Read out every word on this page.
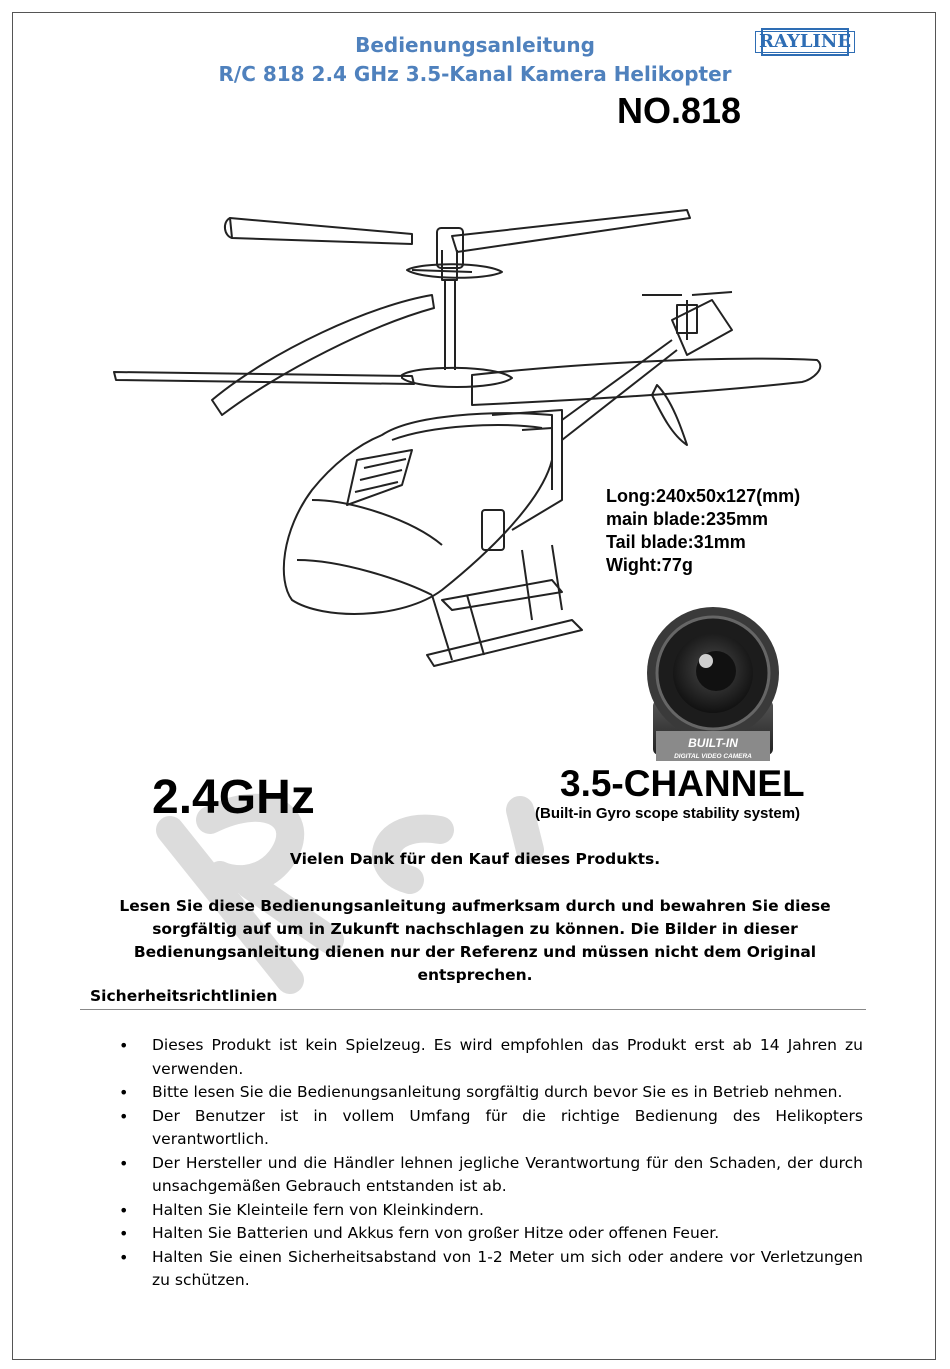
Bedienungsanleitung
R/C 818 2.4 GHz 3.5-Kanal Kamera Helikopter
RAYLINE
NO.818
Long:240x50x127(mm)
main blade:235mm
Tail blade:31mm
Wight:77g
BUILT-IN
DIGITAL VIDEO CAMERA
2.4GHz	3.5-CHANNEL
(Built-in Gyro scope stability system)
Vielen Dank für den Kauf dieses Produkts.
Lesen Sie diese Bedienungsanleitung aufmerksam durch und bewahren Sie diese sorgfältig auf um in Zukunft nachschlagen zu können. Die Bilder in dieser Bedienungsanleitung dienen nur der Referenz und müssen nicht dem Original entsprechen.
Sicherheitsrichtlinien
• Dieses Produkt ist kein Spielzeug. Es wird empfohlen das Produkt erst ab 14 Jahren zu verwenden.
• Bitte lesen Sie die Bedienungsanleitung sorgfältig durch bevor Sie es in Betrieb nehmen.
• Der Benutzer ist in vollem Umfang für die richtige Bedienung des Helikopters verantwortlich.
• Der Hersteller und die Händler lehnen jegliche Verantwortung für den Schaden, der durch unsachgemäßen Gebrauch entstanden ist ab.
• Halten Sie Kleinteile fern von Kleinkindern.
• Halten Sie Batterien und Akkus fern von großer Hitze oder offenen Feuer.
• Halten Sie einen Sicherheitsabstand von 1-2 Meter um sich oder andere vor Verletzungen zu schützen.
